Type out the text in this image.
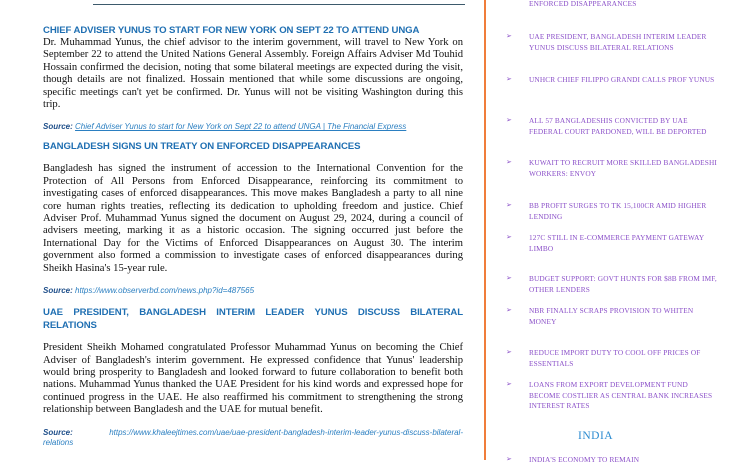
CHIEF ADVISER YUNUS TO START FOR NEW YORK ON SEPT 22 TO ATTEND UNGA

Dr. Muhammad Yunus, the chief advisor to the interim government, will travel to New York on September 22 to attend the United Nations General Assembly. Foreign Affairs Adviser Md Touhid Hossain confirmed the decision, noting that some bilateral meetings are expected during the visit, though details are not finalized. Hossain mentioned that while some discussions are ongoing, specific meetings can't yet be confirmed. Dr. Yunus will not be visiting Washington during this trip.

Source: Chief Adviser Yunus to start for New York on Sept 22 to attend UNGA | The Financial Express

BANGLADESH SIGNS UN TREATY ON ENFORCED DISAPPEARANCES

Bangladesh has signed the instrument of accession to the International Convention for the Protection of All Persons from Enforced Disappearance, reinforcing its commitment to investigating cases of enforced disappearances. This move makes Bangladesh a party to all nine core human rights treaties, reflecting its dedication to upholding freedom and justice. Chief Adviser Prof. Muhammad Yunus signed the document on August 29, 2024, during a council of advisers meeting, marking it as a historic occasion. The signing occurred just before the International Day for the Victims of Enforced Disappearances on August 30. The interim government also formed a commission to investigate cases of enforced disappearances during Sheikh Hasina's 15-year rule.

Source: https://www.observerbd.com/news.php?id=487565

UAE PRESIDENT, BANGLADESH INTERIM LEADER YUNUS DISCUSS BILATERAL RELATIONS

President Sheikh Mohamed congratulated Professor Muhammad Yunus on becoming the Chief Adviser of Bangladesh's interim government. He expressed confidence that Yunus' leadership would bring prosperity to Bangladesh and looked forward to future collaboration to benefit both nations. Muhammad Yunus thanked the UAE President for his kind words and expressed hope for continued progress in the UAE. He also reaffirmed his commitment to strengthening the strong relationship between Bangladesh and the UAE for mutual benefit.

Source:	https://www.khaleejtimes.com/uae/uae-president-bangladesh-interim-leader-yunus-discuss-bilateral-relations

ENFORCED DISAPPEARANCES
➢ UAE PRESIDENT, BANGLADESH INTERIM LEADER YUNUS DISCUSS BILATERAL RELATIONS
➢ UNHCR CHIEF FILIPPO GRANDI CALLS PROF YUNUS
➢ ALL 57 BANGLADESHIS CONVICTED BY UAE FEDERAL COURT PARDONED, WILL BE DEPORTED
➢ KUWAIT TO RECRUIT MORE SKILLED BANGLADESHI WORKERS: ENVOY
➢ BB PROFIT SURGES TO TK 15,100CR AMID HIGHER LENDING
➢ 127C STILL IN E-COMMERCE PAYMENT GATEWAY LIMBO
➢ BUDGET SUPPORT: GOVT HUNTS FOR $8B FROM IMF, OTHER LENDERS
➢ NBR FINALLY SCRAPS PROVISION TO WHITEN MONEY
➢ REDUCE IMPORT DUTY TO COOL OFF PRICES OF ESSENTIALS
➢ LOANS FROM EXPORT DEVELOPMENT FUND BECOME COSTLIER AS CENTRAL BANK INCREASES INTEREST RATES
➢ INDIA'S ECONOMY TO REMAIN
INDIA
